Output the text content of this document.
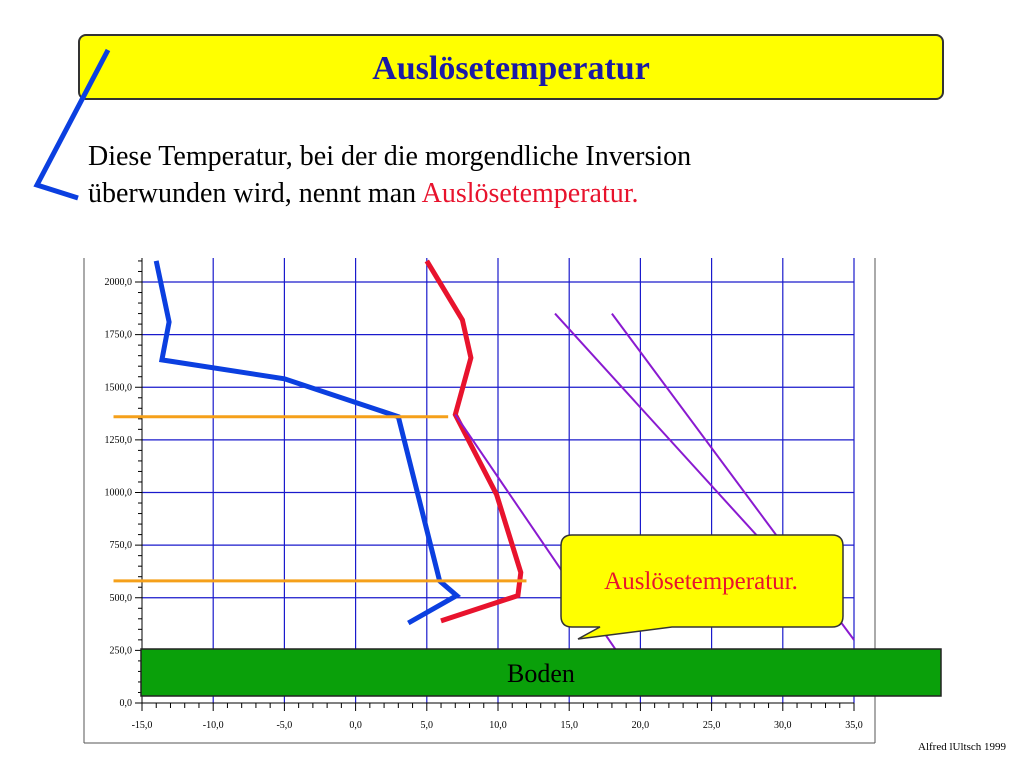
Auslösetemperatur
Diese Temperatur, bei der die morgendliche Inversion
überwunden wird, nennt man Auslösetemperatur.
0,0
250,0
500,0
750,0
1000,0
1250,0
1500,0
1750,0
2000,0
-15,0	-10,0	-5,0	0,0	5,0	10,0	15,0	20,0	25,0	30,0	35,0
Auslösetemperatur.
Boden
Alfred lUltsch 1999
